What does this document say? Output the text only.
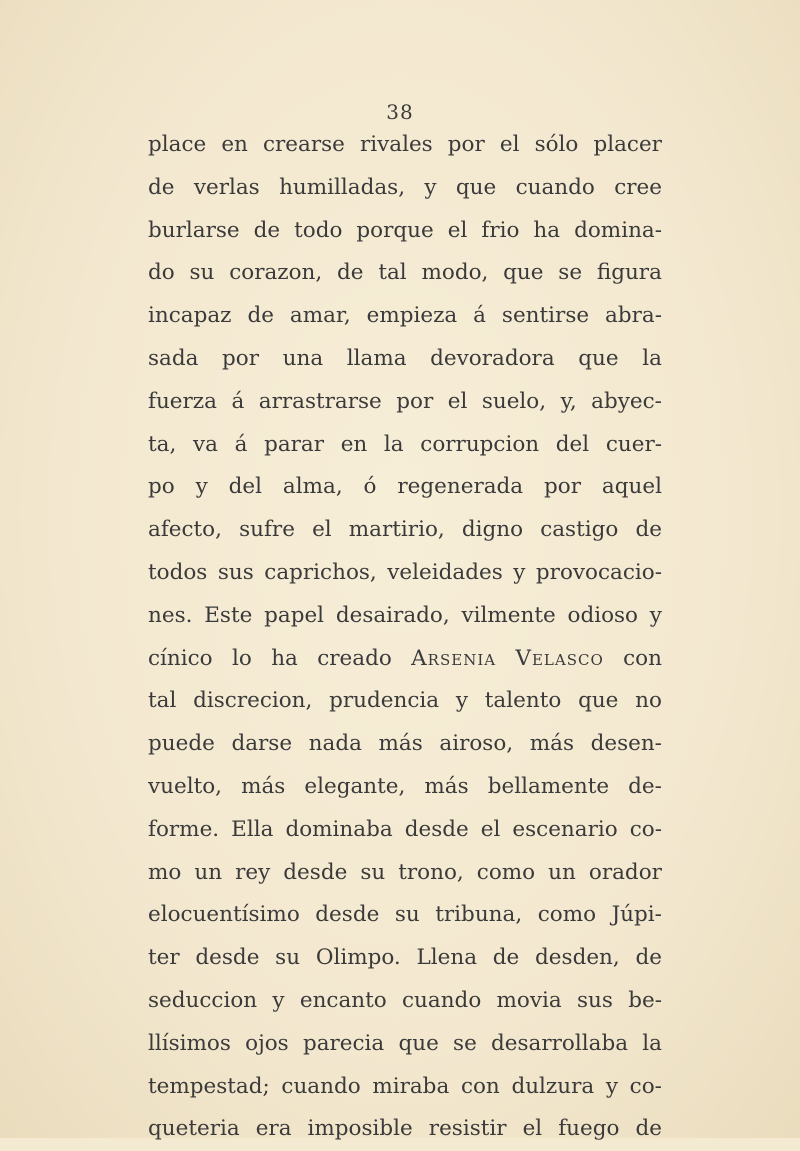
38
place en crearse rivales por el sólo placer
de verlas humilladas, y que cuando cree
burlarse de todo porque el frio ha domina-
do su corazon, de tal modo, que se figura
incapaz de amar, empieza á sentirse abra-
sada por una llama devoradora que la
fuerza á arrastrarse por el suelo, y, abyec-
ta, va á parar en la corrupcion del cuer-
po y del alma, ó regenerada por aquel
afecto, sufre el martirio, digno castigo de
todos sus caprichos, veleidades y provocacio-
nes. Este papel desairado, vilmente odioso y
cínico lo ha creado Arsenia Velasco con
tal discrecion, prudencia y talento que no
puede darse nada más airoso, más desen-
vuelto, más elegante, más bellamente de-
forme. Ella dominaba desde el escenario co-
mo un rey desde su trono, como un orador
elocuentísimo desde su tribuna, como Júpi-
ter desde su Olimpo. Llena de desden, de
seduccion y encanto cuando movia sus be-
llísimos ojos parecia que se desarrollaba la
tempestad; cuando miraba con dulzura y co-
queteria era imposible resistir el fuego de
